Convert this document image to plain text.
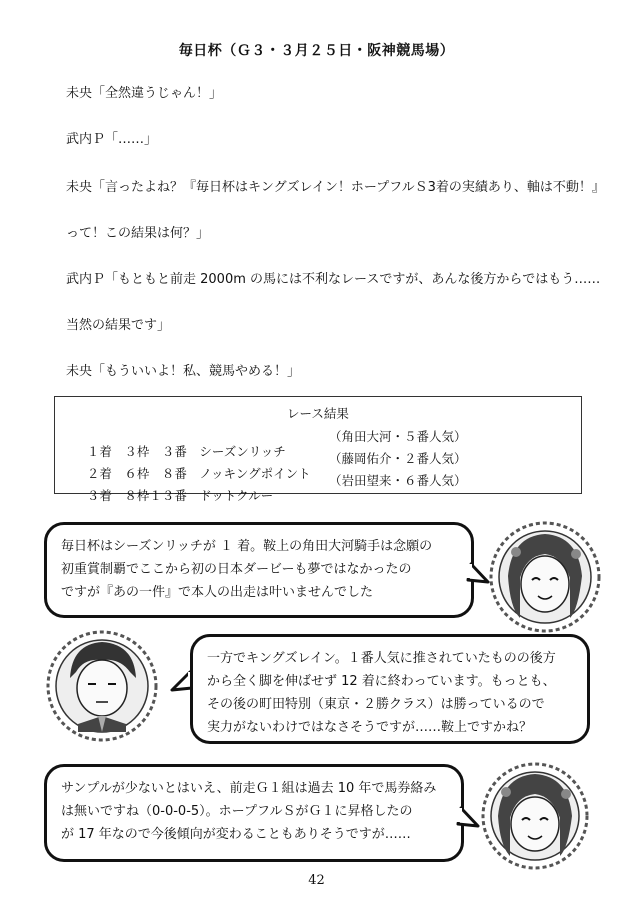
毎日杯（Ｇ３・３月２５日・阪神競馬場）
未央「全然違うじゃん！」
武内Ｐ「……」
未央「言ったよね？『毎日杯はキングズレイン！ホープフルＳ3着の実績あり、軸は不動！』
って！この結果は何？」
武内Ｐ「もともと前走 2000m の馬には不利なレースですが、あんな後方からではもう……
当然の結果です」
未央「もういいよ！私、競馬やめる！」
レース結果

１着　３枠　３番　シーズンリッチ

（角田大河・５番人気）

２着　６枠　８番　ノッキングポイント

（藤岡佑介・２番人気）

３着　８枠１３番　ドットクルー

（岩田望来・６番人気）
毎日杯はシーズンリッチが １ 着。鞍上の角田大河騎手は念願の
初重賞制覇でここから初の日本ダービーも夢ではなかったの
ですが『あの一件』で本人の出走は叶いませんでした
一方でキングズレイン。１番人気に推されていたものの後方
から全く脚を伸ばせず 12 着に終わっています。もっとも、
その後の町田特別（東京・２勝クラス）は勝っているので
実力がないわけではなさそうですが……鞍上ですかね？
サンプルが少ないとはいえ、前走Ｇ１組は過去 10 年で馬券絡み
は無いですね（0-0-0-5）。ホープフルＳがＧ１に昇格したの
が 17 年なので今後傾向が変わることもありそうですが……
42
